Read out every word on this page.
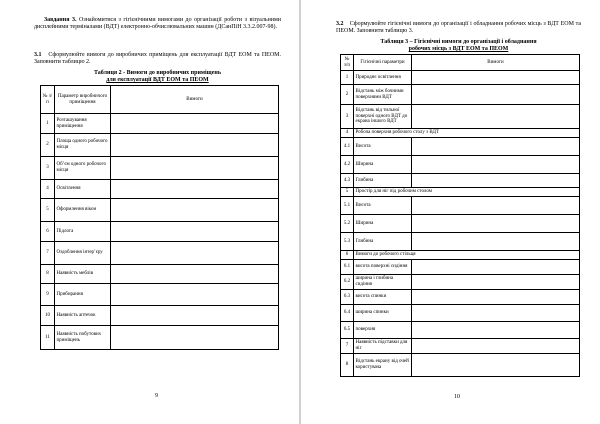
Завдання 3. Ознайомитися з гігієнічними вимогами до організації роботи з візуальними дисплейними терміналами (ВДТ) електронно-обчислювальних машин (ДСанПіН 3.3.2.007-98).
3.1 Сформулюйте вимоги до виробничих приміщень для експлуатації ВДТ ЕОМ та ПЕОМ. Заповнити таблицю 2.
Таблиця 2 - Вимоги до виробничих приміщень
для експлуатації ВДТ ЕОМ та ПЕОМ
№ з/п	Параметр виробничого приміщення	Вимоги
1	Розташування приміщення	
2	Площа одного робочого місця	
3	Об’єм одного робочого місця	
4	Освітлення	
5	Оформлення вікон	
6	Підлога	
7	Оздоблення інтер’єру	
8	Наявність меблів	
9	Прибирання	
10	Наявність аптечок	
11	Наявність побутових приміщень	
9
3.2 Сформулюйте гігієнічні вимоги до організації і обладнання робочих місць з ВДТ ЕОМ та ПЕОМ. Заповнити таблицю 3.
Таблиця 3 – Гігієнічні вимоги до організації і обладнання
робочих місць з ВДТ ЕОМ та ПЕОМ
№ з/п	Гігієнічні параметри	Вимоги
1	Природнє освітлення	
2	Відстань між бочними поверхнями ВДТ	
3	Відстань від тильної поверхні одного ВДТ до екрана іншого ВДТ	
4	Робоча поверхня робочого столу з ВДТ	
4.1	Висота	
4.2	Ширина	
4.3	Глибина	
5	Простір для ніг під робочим столом	
5.1	Висота	
5.2	Ширина	
5.3	Глибина	
6	Вимоги до робочого стільця	
6.1	висота поверхні сидіння	
6.2	ширина і глибина сидіння	
6.3	висота спинки	
6.4	ширина спинки	
6.5	поверхня	
7	Наявність підставки для ніг	
8	Відстань екрану від очей користувача	
10
